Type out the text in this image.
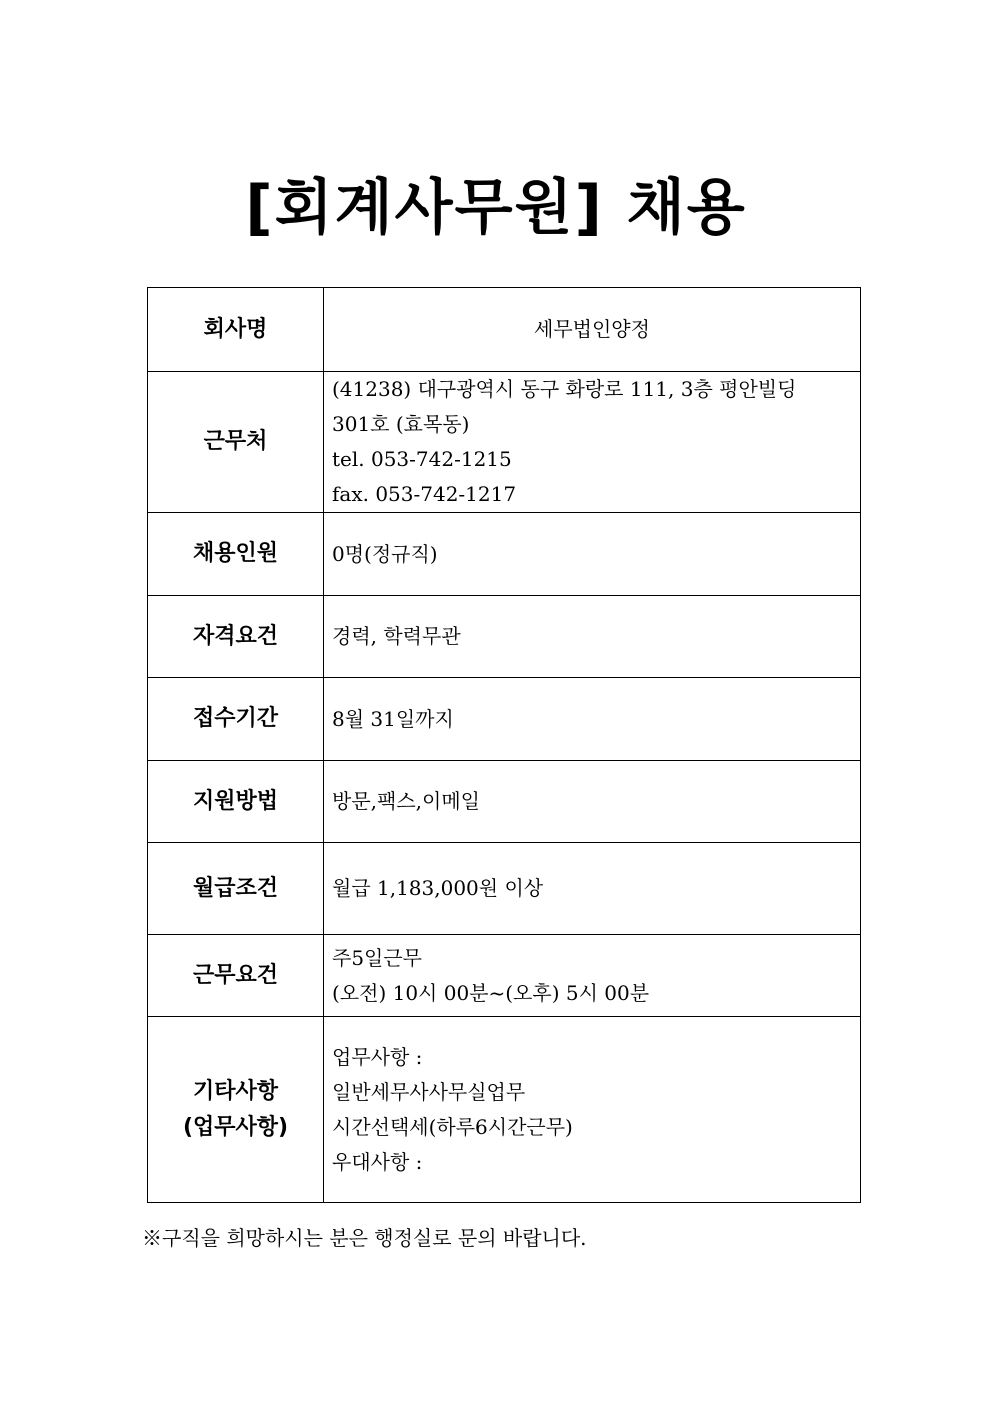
[회계사무원] 채용
회사명	세무법인양정

근무처	(41238) 대구광역시 동구 화랑로 111, 3층 평안빌딩
301호 (효목동)
tel. 053-742-1215
fax. 053-742-1217

채용인원	0명(정규직)

자격요건	경력, 학력무관

접수기간	8월 31일까지

지원방법	방문,팩스,이메일

월급조건	월급 1,183,000원 이상

근무요건	주5일근무
(오전) 10시 00분~(오후) 5시 00분

기타사항
(업무사항)	업무사항 :
일반세무사사무실업무
시간선택세(하루6시간근무)
우대사항 :
※구직을 희망하시는 분은 행정실로 문의 바랍니다.
